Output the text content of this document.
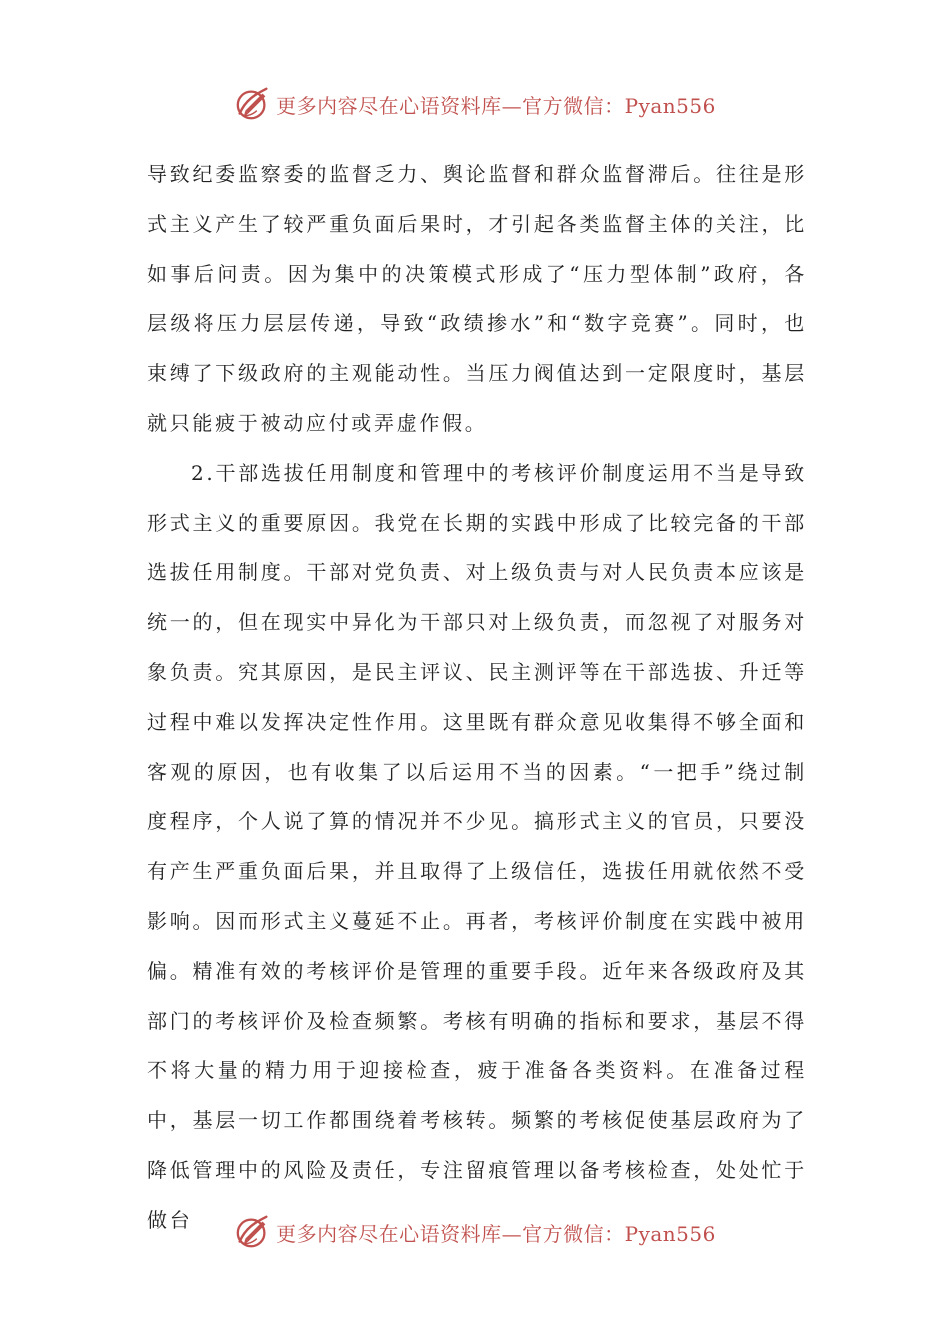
更多内容尽在心语资料库—官方微信：Pyan556

导致纪委监察委的监督乏力、舆论监督和群众监督滞后。往往是形式主义产生了较严重负面后果时，才引起各类监督主体的关注，比如事后问责。因为集中的决策模式形成了“压力型体制”政府，各层级将压力层层传递，导致“政绩掺水”和“数字竞赛”。同时，也束缚了下级政府的主观能动性。当压力阀值达到一定限度时，基层就只能疲于被动应付或弄虚作假。

2.干部选拔任用制度和管理中的考核评价制度运用不当是导致形式主义的重要原因。我党在长期的实践中形成了比较完备的干部选拔任用制度。干部对党负责、对上级负责与对人民负责本应该是统一的，但在现实中异化为干部只对上级负责，而忽视了对服务对象负责。究其原因，是民主评议、民主测评等在干部选拔、升迁等过程中难以发挥决定性作用。这里既有群众意见收集得不够全面和客观的原因，也有收集了以后运用不当的因素。“一把手”绕过制度程序，个人说了算的情况并不少见。搞形式主义的官员，只要没有产生严重负面后果，并且取得了上级信任，选拔任用就依然不受影响。因而形式主义蔓延不止。再者，考核评价制度在实践中被用偏。精准有效的考核评价是管理的重要手段。近年来各级政府及其部门的考核评价及检查频繁。考核有明确的指标和要求，基层不得不将大量的精力用于迎接检查，疲于准备各类资料。在准备过程中，基层一切工作都围绕着考核转。频繁的考核促使基层政府为了降低管理中的风险及责任，专注留痕管理以备考核检查，处处忙于做台

更多内容尽在心语资料库—官方微信：Pyan556
